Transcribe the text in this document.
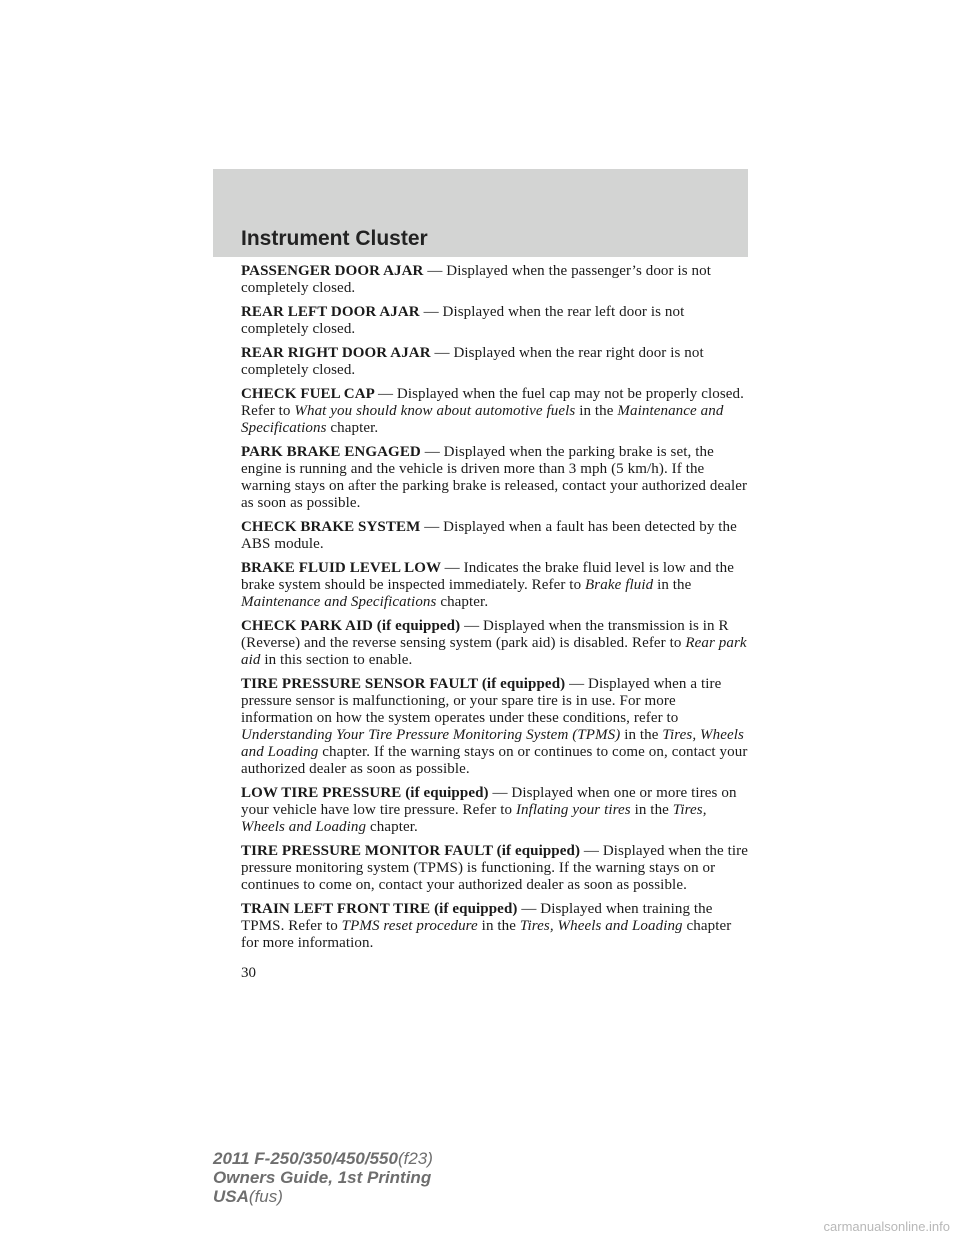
Instrument Cluster

PASSENGER DOOR AJAR — Displayed when the passenger’s door is not completely closed.

REAR LEFT DOOR AJAR — Displayed when the rear left door is not completely closed.

REAR RIGHT DOOR AJAR — Displayed when the rear right door is not completely closed.

CHECK FUEL CAP — Displayed when the fuel cap may not be properly closed. Refer to What you should know about automotive fuels in the Maintenance and Specifications chapter.

PARK BRAKE ENGAGED — Displayed when the parking brake is set, the engine is running and the vehicle is driven more than 3 mph (5 km/h). If the warning stays on after the parking brake is released, contact your authorized dealer as soon as possible.

CHECK BRAKE SYSTEM — Displayed when a fault has been detected by the ABS module.

BRAKE FLUID LEVEL LOW — Indicates the brake fluid level is low and the brake system should be inspected immediately. Refer to Brake fluid in the Maintenance and Specifications chapter.

CHECK PARK AID (if equipped) — Displayed when the transmission is in R (Reverse) and the reverse sensing system (park aid) is disabled. Refer to Rear park aid in this section to enable.

TIRE PRESSURE SENSOR FAULT (if equipped) — Displayed when a tire pressure sensor is malfunctioning, or your spare tire is in use. For more information on how the system operates under these conditions, refer to Understanding Your Tire Pressure Monitoring System (TPMS) in the Tires, Wheels and Loading chapter. If the warning stays on or continues to come on, contact your authorized dealer as soon as possible.

LOW TIRE PRESSURE (if equipped) — Displayed when one or more tires on your vehicle have low tire pressure. Refer to Inflating your tires in the Tires, Wheels and Loading chapter.

TIRE PRESSURE MONITOR FAULT (if equipped) — Displayed when the tire pressure monitoring system (TPMS) is functioning. If the warning stays on or continues to come on, contact your authorized dealer as soon as possible.

TRAIN LEFT FRONT TIRE (if equipped) — Displayed when training the TPMS. Refer to TPMS reset procedure in the Tires, Wheels and Loading chapter for more information.

30
2011 F-250/350/450/550(f23)
Owners Guide, 1st Printing
USA(fus)
carmanualsonline.info
